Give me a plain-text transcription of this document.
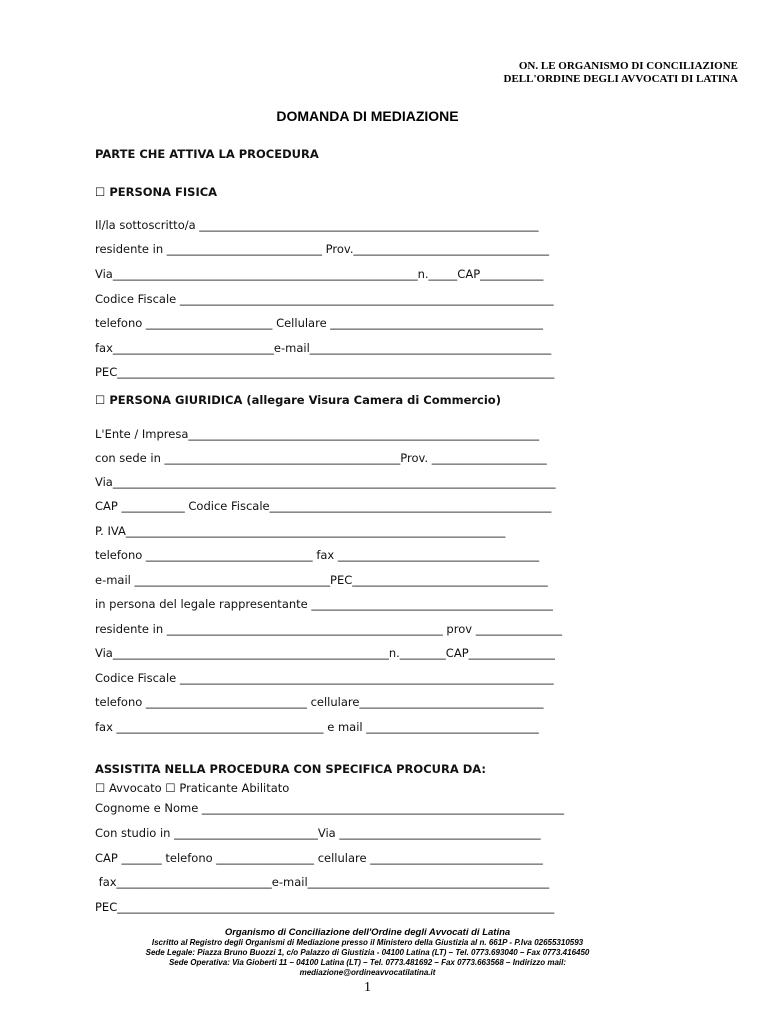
ON. LE ORGANISMO DI CONCILIAZIONE
DELL'ORDINE DEGLI AVVOCATI DI LATINA
DOMANDA DI MEDIAZIONE
PARTE CHE ATTIVA LA PROCEDURA
☐ PERSONA FISICA
Il/la sottoscritto/a ___________________________________________________________
residente in ___________________________ Prov.__________________________________
Via_____________________________________________________n._____CAP___________
Codice Fiscale _________________________________________________________________
telefono ______________________ Cellulare _____________________________________
fax____________________________e-mail__________________________________________
PEC____________________________________________________________________________
☐ PERSONA GIURIDICA (allegare Visura Camera di Commercio)
L'Ente / Impresa_____________________________________________________________
con sede in _________________________________________Prov. ____________________
Via_____________________________________________________________________________
CAP ___________ Codice Fiscale_________________________________________________
P. IVA__________________________________________________________________
telefono _____________________________ fax ___________________________________
e-mail __________________________________PEC__________________________________
in persona del legale rappresentante __________________________________________
residente in ________________________________________________ prov _______________
Via________________________________________________n.________CAP_______________
Codice Fiscale _________________________________________________________________
telefono ____________________________ cellulare________________________________
fax ____________________________________ e mail ______________________________
ASSISTITA NELLA PROCEDURA CON SPECIFICA PROCURA DA:
☐ Avvocato ☐ Praticante Abilitato
Cognome e Nome _______________________________________________________________
Con studio in _________________________Via ___________________________________
CAP _______ telefono _________________ cellulare ______________________________
fax___________________________e-mail__________________________________________
PEC____________________________________________________________________________
Organismo di Conciliazione dell'Ordine degli Avvocati di Latina
Iscritto al Registro degli Organismi di Mediazione presso il Ministero della Giustizia al n. 661P - P.Iva 02655310593
Sede Legale: Piazza Bruno Buozzi 1, c/o Palazzo di Giustizia - 04100 Latina (LT) – Tel. 0773.693040 – Fax 0773.416450
Sede Operativa: Via Gioberti 11 – 04100 Latina (LT) – Tel. 0773.481692 – Fax 0773.663568 – Indirizzo mail:
mediazione@ordineavvocatilatina.it
1
